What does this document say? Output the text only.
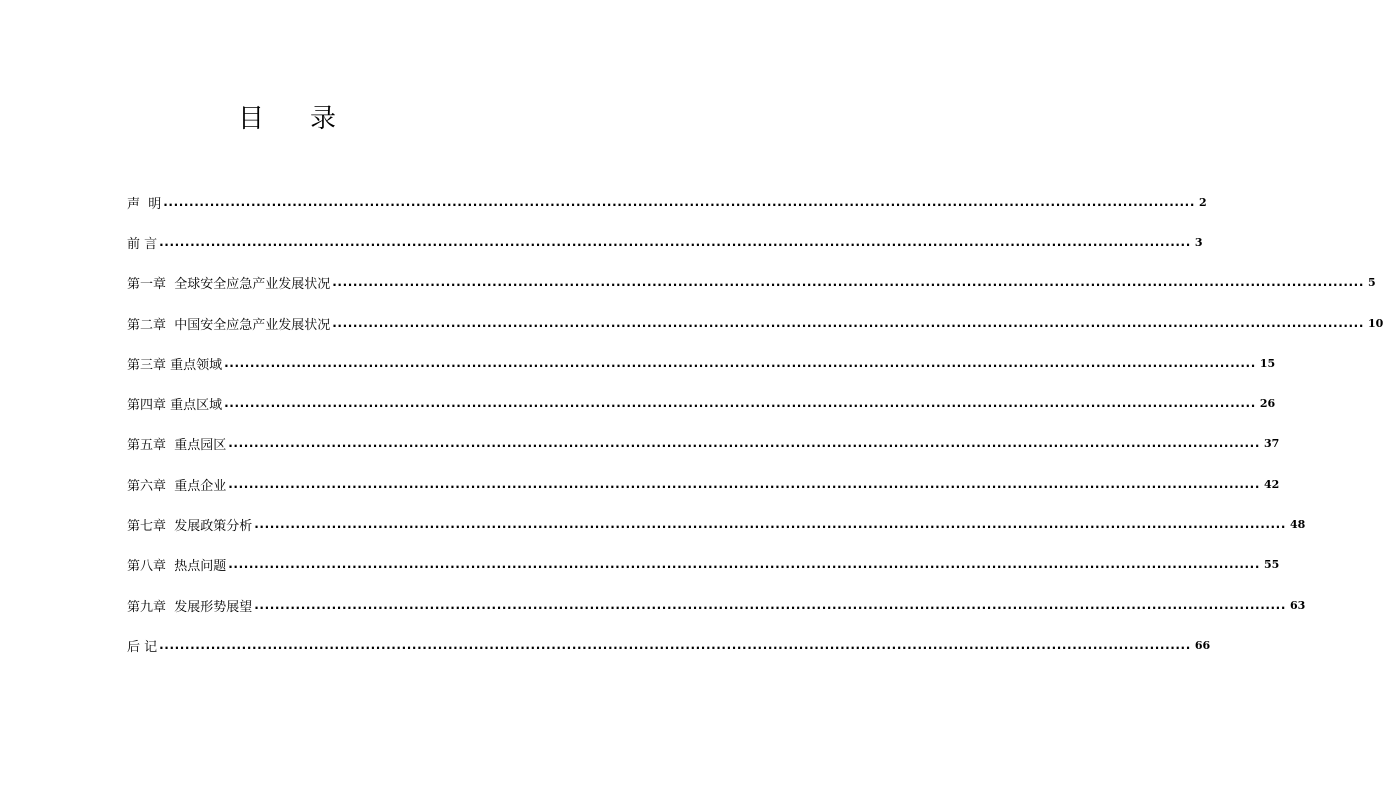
目录
声  明 ........................................................................................................................................................................................................ 2
前 言 ........................................................................................................................................................................................................ 3
第一章  全球安全应急产业发展状况 ........................................................................................................................................................................................................ 5
第二章  中国安全应急产业发展状况 ........................................................................................................................................................................................................ 10
第三章 重点领域 ........................................................................................................................................................................................................ 15
第四章 重点区域 ........................................................................................................................................................................................................ 26
第五章  重点园区 ........................................................................................................................................................................................................ 37
第六章  重点企业 ........................................................................................................................................................................................................ 42
第七章  发展政策分析 ........................................................................................................................................................................................................ 48
第八章  热点问题 ........................................................................................................................................................................................................ 55
第九章  发展形势展望 ........................................................................................................................................................................................................ 63
后 记 ........................................................................................................................................................................................................ 66
